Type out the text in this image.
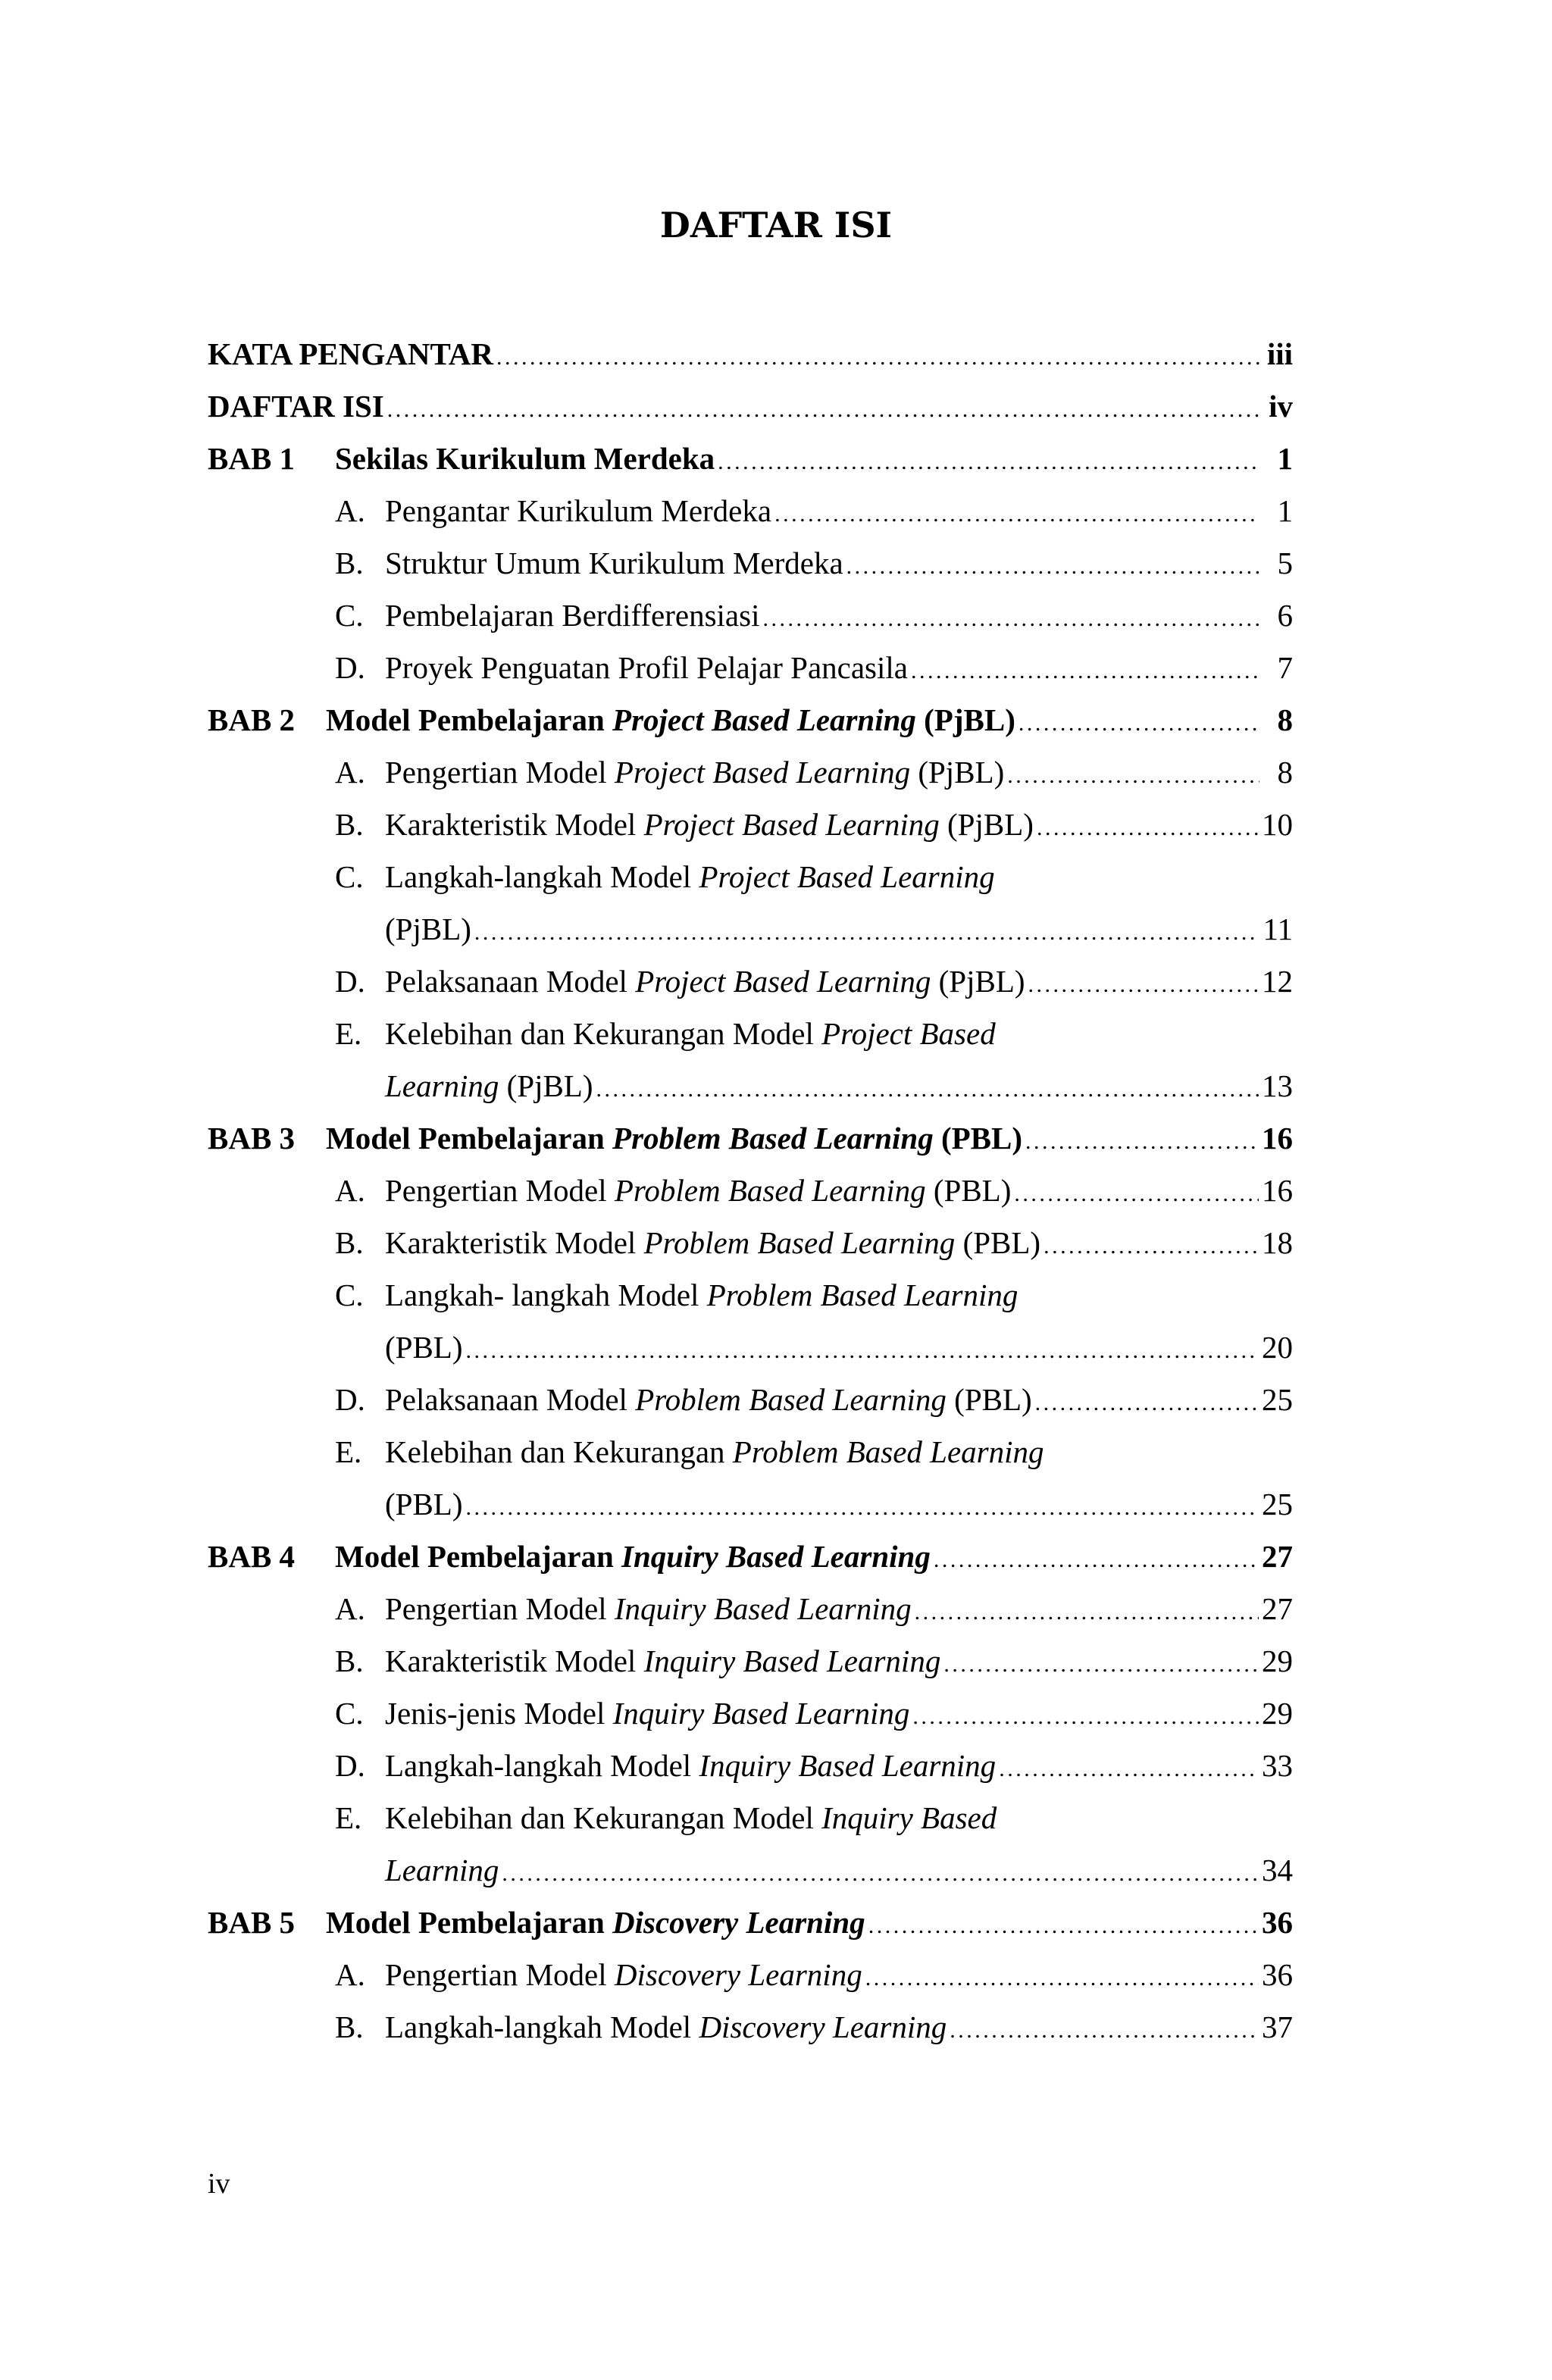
DAFTAR ISI
KATA PENGANTAR . . .	iii
DAFTAR ISI . . .	iv
BAB 1	Sekilas Kurikulum Merdeka . . .	1
A. Pengantar Kurikulum Merdeka . . .	1
B. Struktur Umum Kurikulum Merdeka . . .	5
C. Pembelajaran Berdifferensiasi . . .	6
D. Proyek Penguatan Profil Pelajar Pancasila . . .	7
BAB 2 Model Pembelajaran Project Based Learning (PjBL) . . .	8
A. Pengertian Model Project Based Learning (PjBL) . . .	8
B. Karakteristik Model Project Based Learning (PjBL) . . .	10
C. Langkah-langkah Model Project Based Learning
(PjBL) . . .	11
D. Pelaksanaan Model Project Based Learning (PjBL) . . .	12
E. Kelebihan dan Kekurangan Model Project Based
Learning (PjBL) . . .	13
BAB 3 Model Pembelajaran Problem Based Learning (PBL) . . .	16
A. Pengertian Model Problem Based Learning (PBL) . . .	16
B. Karakteristik Model Problem Based Learning (PBL) . . .	18
C. Langkah- langkah Model Problem Based Learning
(PBL) . . .	20
D. Pelaksanaan Model Problem Based Learning (PBL) . . .	25
E. Kelebihan dan Kekurangan Problem Based Learning
(PBL) . . .	25
BAB 4	Model Pembelajaran Inquiry Based Learning . . .	27
A. Pengertian Model Inquiry Based Learning . . .	27
B. Karakteristik Model Inquiry Based Learning . . .	29
C. Jenis-jenis Model Inquiry Based Learning . . .	29
D. Langkah-langkah Model Inquiry Based Learning . . .	33
E. Kelebihan dan Kekurangan Model Inquiry Based
Learning . . .	34
BAB 5 Model Pembelajaran Discovery Learning . . .	36
A. Pengertian Model Discovery Learning . . .	36
B. Langkah-langkah Model Discovery Learning . . .	37
iv
